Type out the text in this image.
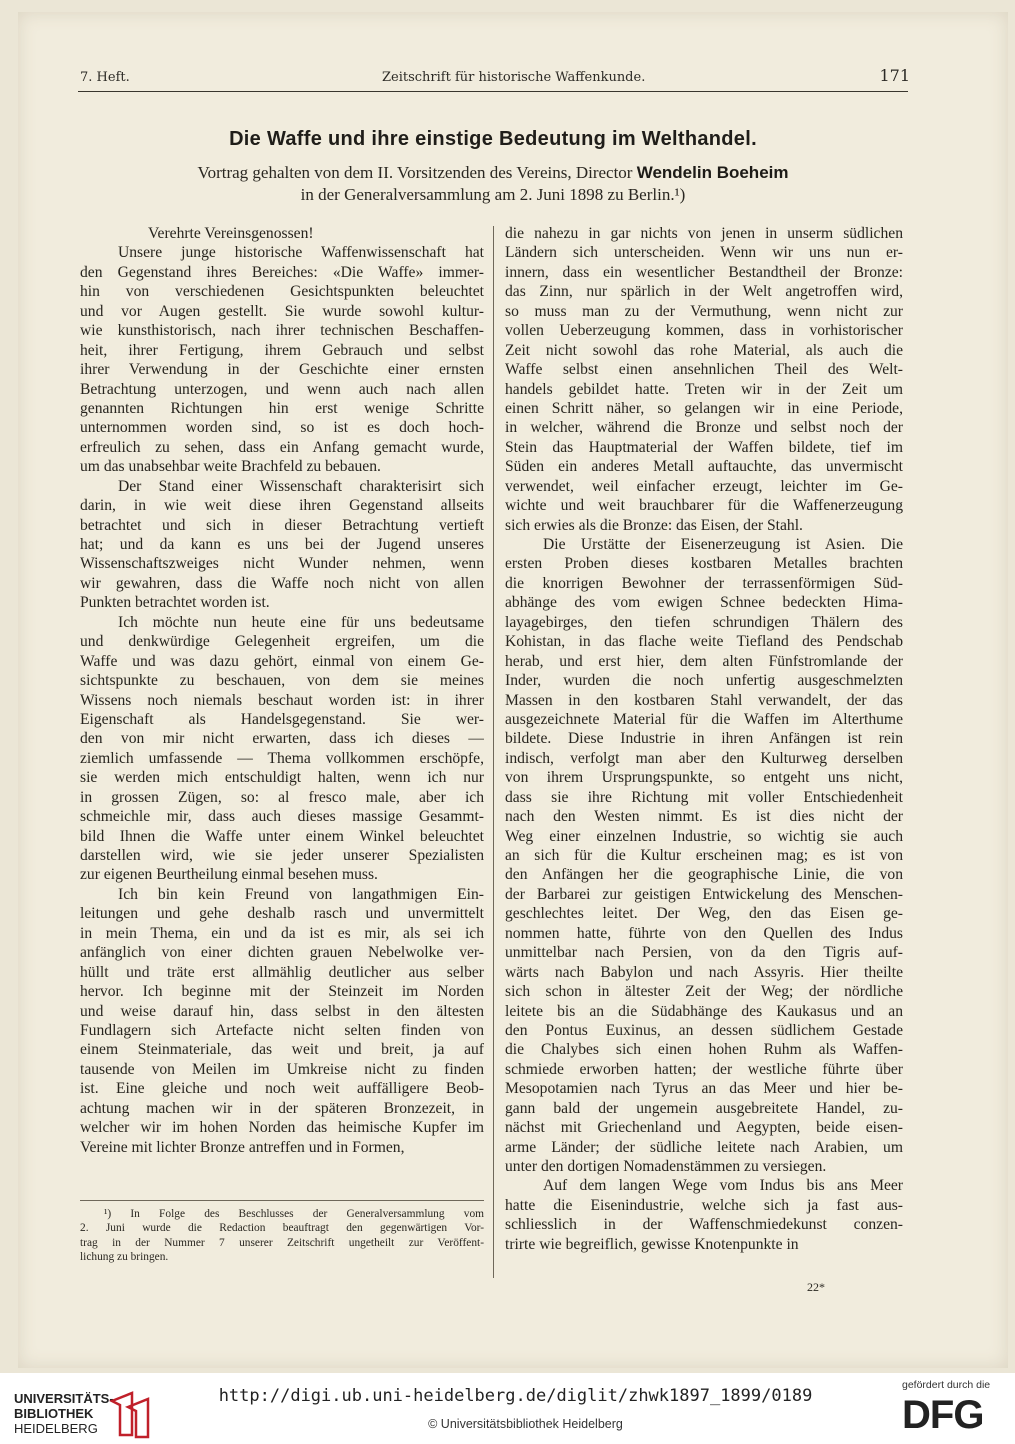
7. Heft.	Zeitschrift für historische Waffenkunde.	171
Die Waffe und ihre einstige Bedeutung im Welthandel.
Vortrag gehalten von dem II. Vorsitzenden des Vereins, Director Wendelin Boeheim
in der Generalversammlung am 2. Juni 1898 zu Berlin.¹)
Verehrte Vereinsgenossen!
Unsere junge historische Waffenwissenschaft hat
den Gegenstand ihres Bereiches: «Die Waffe» immer-
hin von verschiedenen Gesichtspunkten beleuchtet
und vor Augen gestellt. Sie wurde sowohl kultur-
wie kunsthistorisch, nach ihrer technischen Beschaffen-
heit, ihrer Fertigung, ihrem Gebrauch und selbst
ihrer Verwendung in der Geschichte einer ernsten
Betrachtung unterzogen, und wenn auch nach allen
genannten Richtungen hin erst wenige Schritte
unternommen worden sind, so ist es doch hoch-
erfreulich zu sehen, dass ein Anfang gemacht wurde,
um das unabsehbar weite Brachfeld zu bebauen.
Der Stand einer Wissenschaft charakterisirt sich
darin, in wie weit diese ihren Gegenstand allseits
betrachtet und sich in dieser Betrachtung vertieft
hat; und da kann es uns bei der Jugend unseres
Wissenschaftszweiges nicht Wunder nehmen, wenn
wir gewahren, dass die Waffe noch nicht von allen
Punkten betrachtet worden ist.
Ich möchte nun heute eine für uns bedeutsame
und denkwürdige Gelegenheit ergreifen, um die
Waffe und was dazu gehört, einmal von einem Ge-
sichtspunkte zu beschauen, von dem sie meines
Wissens noch niemals beschaut worden ist: in ihrer
Eigenschaft als Handelsgegenstand. Sie wer-
den von mir nicht erwarten, dass ich dieses —
ziemlich umfassende — Thema vollkommen erschöpfe,
sie werden mich entschuldigt halten, wenn ich nur
in grossen Zügen, so: al fresco male, aber ich
schmeichle mir, dass auch dieses massige Gesammt-
bild Ihnen die Waffe unter einem Winkel beleuchtet
darstellen wird, wie sie jeder unserer Spezialisten
zur eigenen Beurtheilung einmal besehen muss.
Ich bin kein Freund von langathmigen Ein-
leitungen und gehe deshalb rasch und unvermittelt
in mein Thema, ein und da ist es mir, als sei ich
anfänglich von einer dichten grauen Nebelwolke ver-
hüllt und träte erst allmählig deutlicher aus selber
hervor. Ich beginne mit der Steinzeit im Norden
und weise darauf hin, dass selbst in den ältesten
Fundlagern sich Artefacte nicht selten finden von
einem Steinmateriale, das weit und breit, ja auf
tausende von Meilen im Umkreise nicht zu finden
ist. Eine gleiche und noch weit auffälligere Beob-
achtung machen wir in der späteren Bronzezeit, in
welcher wir im hohen Norden das heimische Kupfer im
Vereine mit lichter Bronze antreffen und in Formen,
die nahezu in gar nichts von jenen in unserm südlichen
Ländern sich unterscheiden. Wenn wir uns nun er-
innern, dass ein wesentlicher Bestandtheil der Bronze:
das Zinn, nur spärlich in der Welt angetroffen wird,
so muss man zu der Vermuthung, wenn nicht zur
vollen Ueberzeugung kommen, dass in vorhistorischer
Zeit nicht sowohl das rohe Material, als auch die
Waffe selbst einen ansehnlichen Theil des Welt-
handels gebildet hatte. Treten wir in der Zeit um
einen Schritt näher, so gelangen wir in eine Periode,
in welcher, während die Bronze und selbst noch der
Stein das Hauptmaterial der Waffen bildete, tief im
Süden ein anderes Metall auftauchte, das unvermischt
verwendet, weil einfacher erzeugt, leichter im Ge-
wichte und weit brauchbarer für die Waffenerzeugung
sich erwies als die Bronze: das Eisen, der Stahl.
Die Urstätte der Eisenerzeugung ist Asien. Die
ersten Proben dieses kostbaren Metalles brachten
die knorrigen Bewohner der terrassenförmigen Süd-
abhänge des vom ewigen Schnee bedeckten Hima-
layagebirges, den tiefen schrundigen Thälern des
Kohistan, in das flache weite Tiefland des Pendschab
herab, und erst hier, dem alten Fünfstromlande der
Inder, wurden die noch unfertig ausgeschmelzten
Massen in den kostbaren Stahl verwandelt, der das
ausgezeichnete Material für die Waffen im Alterthume
bildete. Diese Industrie in ihren Anfängen ist rein
indisch, verfolgt man aber den Kulturweg derselben
von ihrem Ursprungspunkte, so entgeht uns nicht,
dass sie ihre Richtung mit voller Entschiedenheit
nach den Westen nimmt. Es ist dies nicht der
Weg einer einzelnen Industrie, so wichtig sie auch
an sich für die Kultur erscheinen mag; es ist von
den Anfängen her die geographische Linie, die von
der Barbarei zur geistigen Entwickelung des Menschen-
geschlechtes leitet. Der Weg, den das Eisen ge-
nommen hatte, führte von den Quellen des Indus
unmittelbar nach Persien, von da den Tigris auf-
wärts nach Babylon und nach Assyris. Hier theilte
sich schon in ältester Zeit der Weg; der nördliche
leitete bis an die Südabhänge des Kaukasus und an
den Pontus Euxinus, an dessen südlichem Gestade
die Chalybes sich einen hohen Ruhm als Waffen-
schmiede erworben hatten; der westliche führte über
Mesopotamien nach Tyrus an das Meer und hier be-
gann bald der ungemein ausgebreitete Handel, zu-
nächst mit Griechenland und Aegypten, beide eisen-
arme Länder; der südliche leitete nach Arabien, um
unter den dortigen Nomadenstämmen zu versiegen.
Auf dem langen Wege vom Indus bis ans Meer
hatte die Eisenindustrie, welche sich ja fast aus-
schliesslich in der Waffenschmiedekunst conzen-
trirte wie begreiflich, gewisse Knotenpunkte in
¹) In Folge des Beschlusses der Generalversammlung vom
2. Juni wurde die Redaction beauftragt den gegenwärtigen Vor-
trag in der Nummer 7 unserer Zeitschrift ungetheilt zur Veröffent-
lichung zu bringen.
22*
UNIVERSITÄTS-
BIBLIOTHEK
HEIDELBERG
http://digi.ub.uni-heidelberg.de/diglit/zhwk1897_1899/0189
© Universitätsbibliothek Heidelberg
gefördert durch die
DFG
